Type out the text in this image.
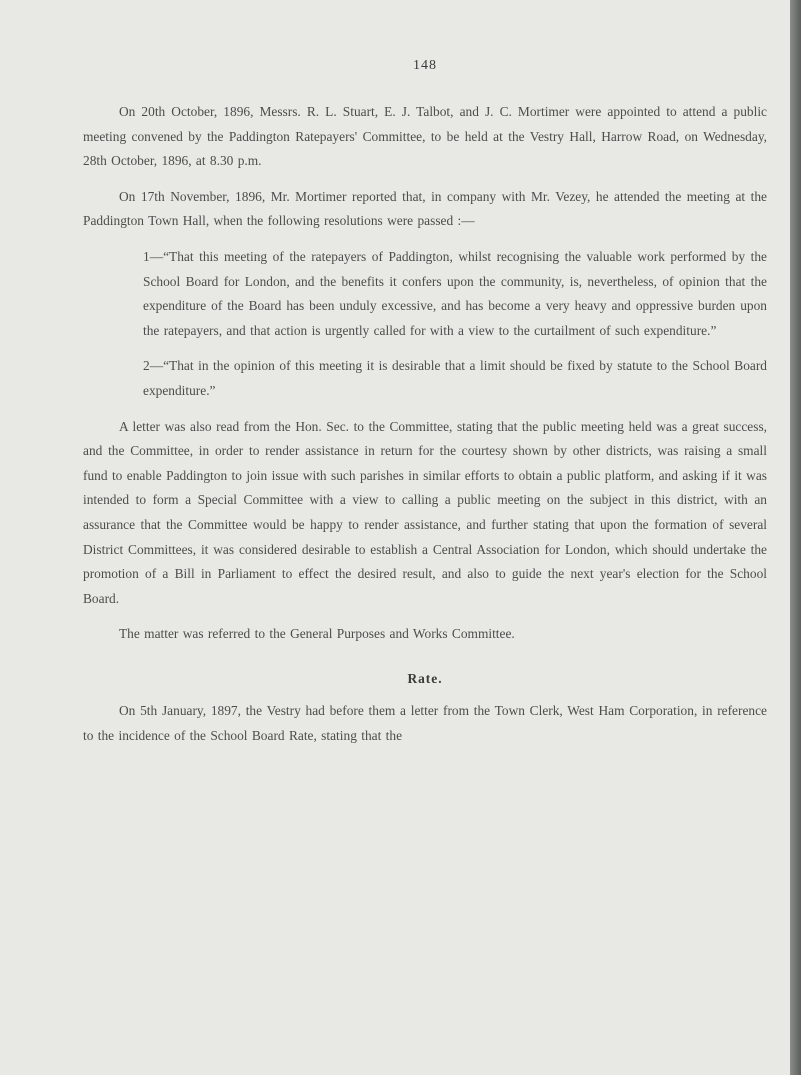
148

On 20th October, 1896, Messrs. R. L. Stuart, E. J. Talbot, and J. C. Mortimer were appointed to attend a public meeting convened by the Paddington Ratepayers' Committee, to be held at the Vestry Hall, Harrow Road, on Wednesday, 28th October, 1896, at 8.30 p.m.

On 17th November, 1896, Mr. Mortimer reported that, in company with Mr. Vezey, he attended the meeting at the Paddington Town Hall, when the following resolutions were passed :—

1—“That this meeting of the ratepayers of Paddington, whilst recognising the valuable work performed by the School Board for London, and the benefits it confers upon the community, is, nevertheless, of opinion that the expenditure of the Board has been unduly excessive, and has become a very heavy and oppressive burden upon the ratepayers, and that action is urgently called for with a view to the curtailment of such expenditure.”

2—“That in the opinion of this meeting it is desirable that a limit should be fixed by statute to the School Board expenditure.”

A letter was also read from the Hon. Sec. to the Committee, stating that the public meeting held was a great success, and the Committee, in order to render assistance in return for the courtesy shown by other districts, was raising a small fund to enable Paddington to join issue with such parishes in similar efforts to obtain a public platform, and asking if it was intended to form a Special Committee with a view to calling a public meeting on the subject in this district, with an assurance that the Committee would be happy to render assistance, and further stating that upon the formation of several District Committees, it was considered desirable to establish a Central Association for London, which should undertake the promotion of a Bill in Parliament to effect the desired result, and also to guide the next year's election for the School Board.

The matter was referred to the General Purposes and Works Committee.

Rate.

On 5th January, 1897, the Vestry had before them a letter from the Town Clerk, West Ham Corporation, in reference to the incidence of the School Board Rate, stating that the
